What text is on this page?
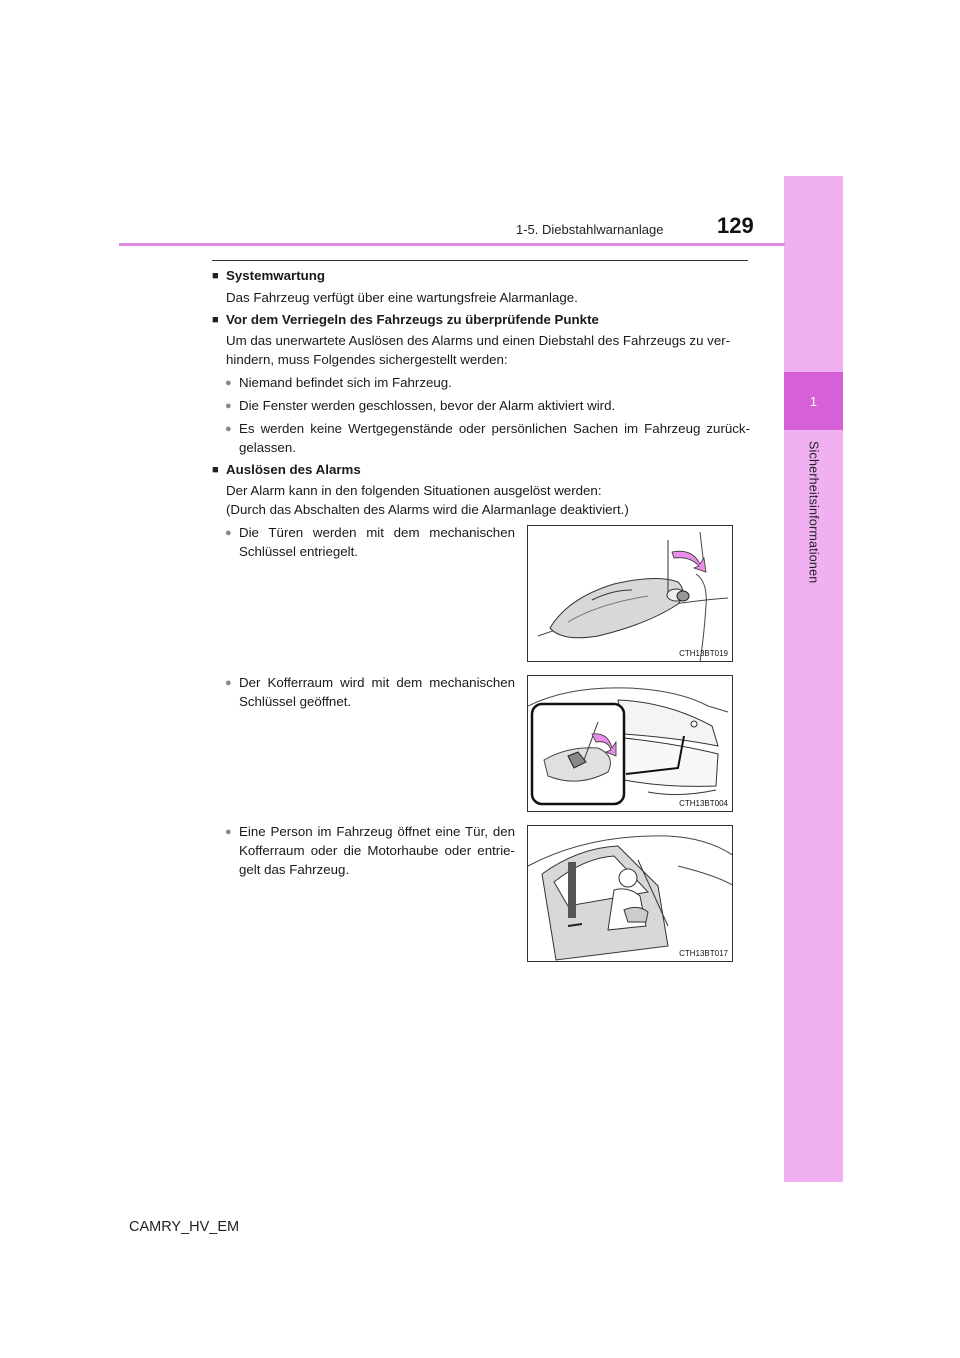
1
Sicherheitsinformationen
1-5. Diebstahlwarnanlage 129
■ Systemwartung
Das Fahrzeug verfügt über eine wartungsfreie Alarmanlage.
■ Vor dem Verriegeln des Fahrzeugs zu überprüfende Punkte
Um das unerwartete Auslösen des Alarms und einen Diebstahl des Fahrzeugs zu ver-
hindern, muss Folgendes sichergestellt werden:
● Niemand befindet sich im Fahrzeug.
● Die Fenster werden geschlossen, bevor der Alarm aktiviert wird.
● Es werden keine Wertgegenstände oder persönlichen Sachen im Fahrzeug zurück-
gelassen.
■ Auslösen des Alarms
Der Alarm kann in den folgenden Situationen ausgelöst werden:
(Durch das Abschalten des Alarms wird die Alarmanlage deaktiviert.)
● Die Türen werden mit dem mechanischen
Schlüssel entriegelt.
● Der Kofferraum wird mit dem mechanischen
Schlüssel geöffnet.
● Eine Person im Fahrzeug öffnet eine Tür, den
Kofferraum oder die Motorhaube oder entrie-
gelt das Fahrzeug.
CTH13BT019
CTH13BT004
CTH13BT017
CAMRY_HV_EM
